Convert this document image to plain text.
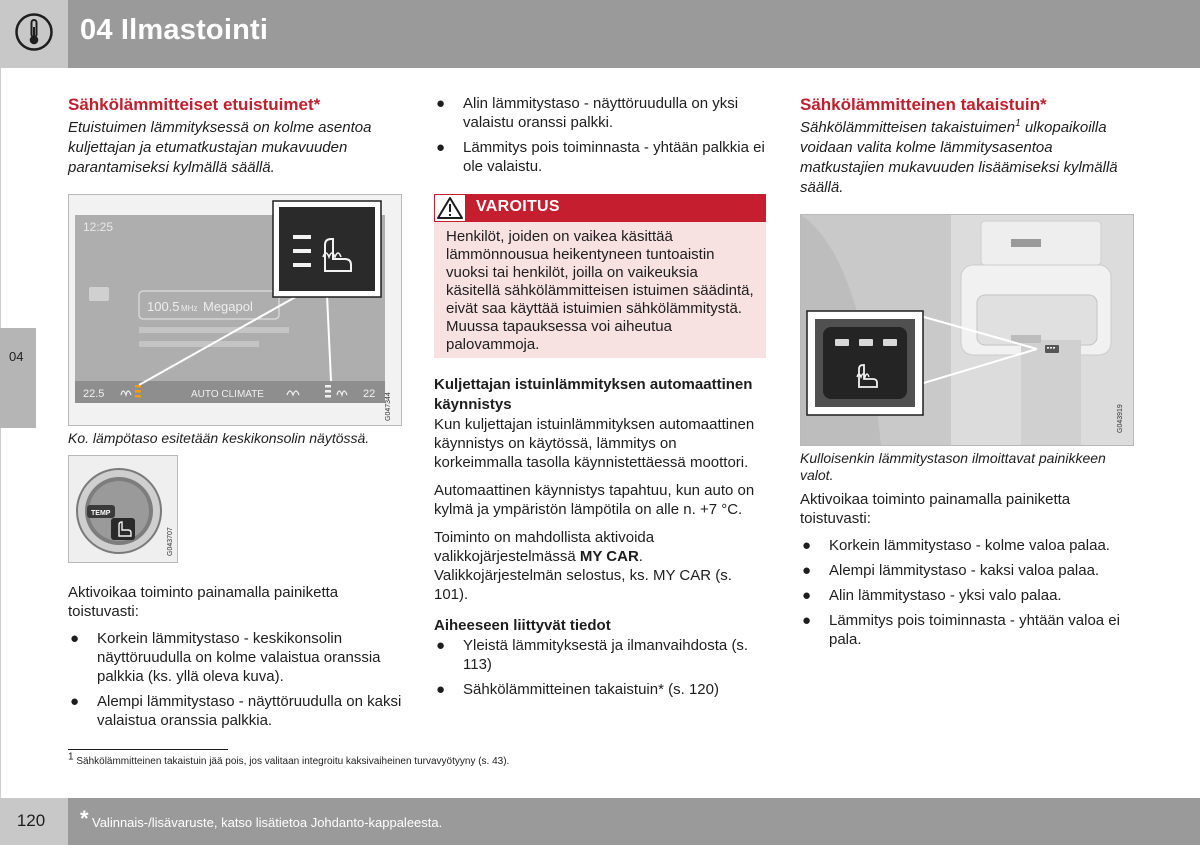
04 Ilmastointi
04
Sähkölämmitteiset etuistuimet*

Etuistuimen lämmityksessä on kolme asentoa kuljettajan ja etumatkustajan mukavuuden parantamiseksi kylmällä säällä.

12:25
100.5 MHz Megapol
22.5	AUTO CLIMATE	22 G047344
Ko. lämpötaso esitetään keskikonsolin näytössä.
TEMP
G043707

Aktivoikaa toiminto painamalla painiketta toistuvasti:

● Korkein lämmitystaso - keskikonsolin näyttöruudulla on kolme valaistua oranssia palkkia (ks. yllä oleva kuva).
● Alempi lämmitystaso - näyttöruudulla on kaksi valaistua oranssia palkkia.
● Alin lämmitystaso - näyttöruudulla on yksi valaistu oranssi palkki.
● Lämmitys pois toiminnasta - yhtään palkkia ei ole valaistu.
VAROITUS
Henkilöt, joiden on vaikea käsittää lämmönnousua heikentyneen tuntoaistin vuoksi tai henkilöt, joilla on vaikeuksia käsitellä sähkölämmitteisen istuimen säädintä, eivät saa käyttää istuimien sähkölämmitystä. Muussa tapauksessa voi aiheutua palovammoja.
Kuljettajan istuinlämmityksen automaattinen käynnistys

Kun kuljettajan istuinlämmityksen automaattinen käynnistys on käytössä, lämmitys on korkeimmalla tasolla käynnistettäessä moottori.

Automaattinen käynnistys tapahtuu, kun auto on kylmä ja ympäristön lämpötila on alle n. +7 °C.

Toiminto on mahdollista aktivoida valikkojärjestelmässä MY CAR. Valikkojärjestelmän selostus, ks. MY CAR (s. 101).

Aiheeseen liittyvät tiedot
● Yleistä lämmityksestä ja ilmanvaihdosta (s. 113)
● Sähkölämmitteinen takaistuin* (s. 120)
Sähkölämmitteinen takaistuin*

Sähkölämmitteisen takaistuimen$^1$ ulkopaikoilla voidaan valita kolme lämmitysasentoa matkustajien mukavuuden lisäämiseksi kylmällä säällä.

G043919
Kulloisenkin lämmitystason ilmoittavat painikkeen valot.

Aktivoikaa toiminto painamalla painiketta toistuvasti:

● Korkein lämmitystaso - kolme valoa palaa.
● Alempi lämmitystaso - kaksi valoa palaa.
● Alin lämmitystaso - yksi valo palaa.
● Lämmitys pois toiminnasta - yhtään valoa ei pala.
$^1$ Sähkölämmitteinen takaistuin jää pois, jos valitaan integroitu kaksivaiheinen turvavyötyyny (s. 43).
120	* Valinnais-/lisävaruste, katso lisätietoa Johdanto-kappaleesta.
